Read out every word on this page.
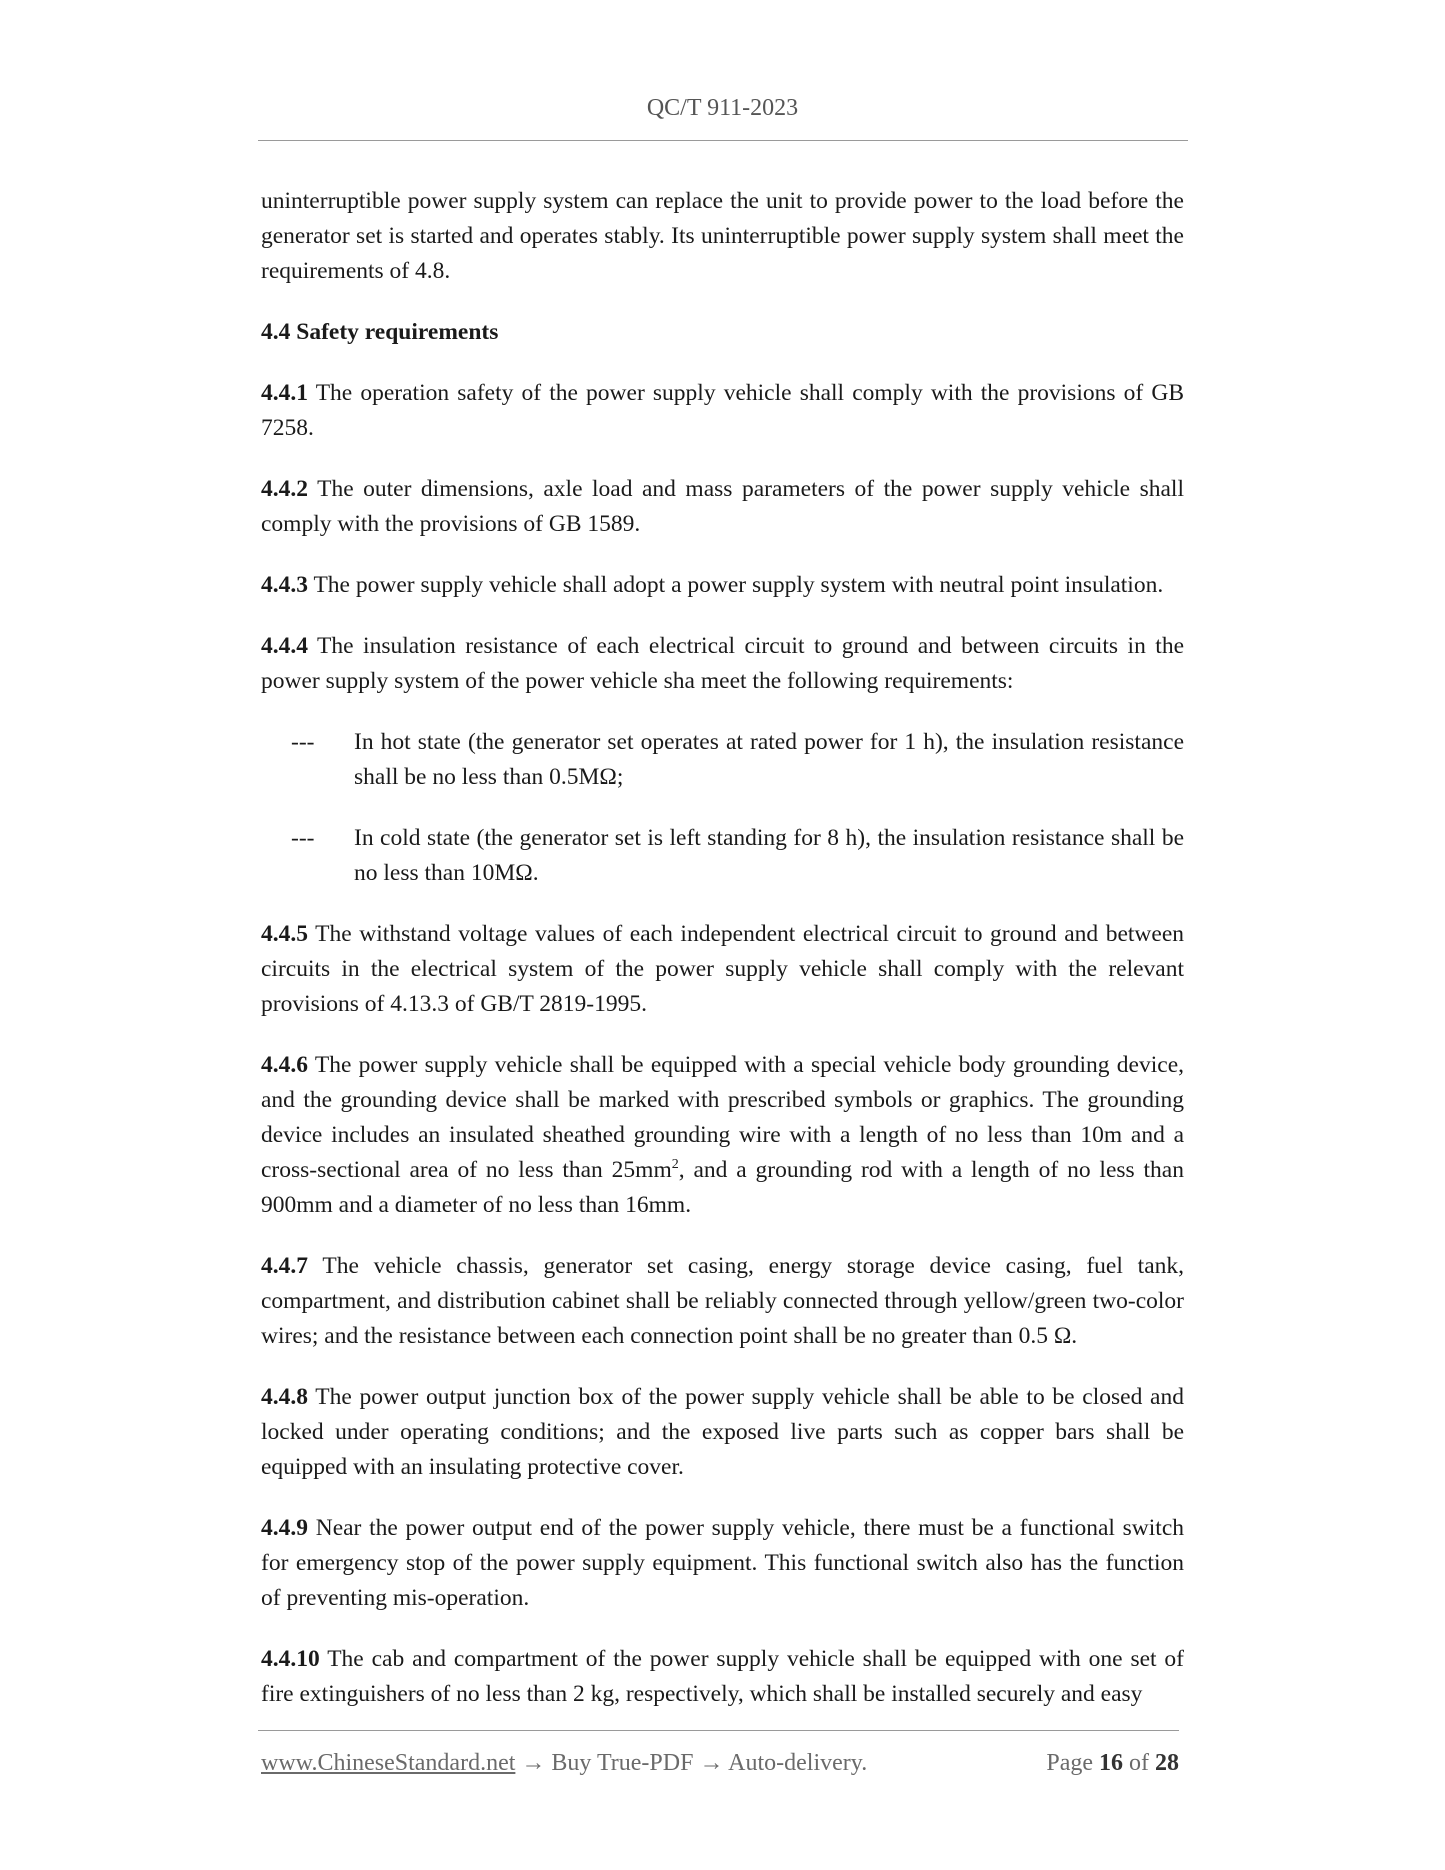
QC/T 911-2023

uninterruptible power supply system can replace the unit to provide power to the load before the generator set is started and operates stably. Its uninterruptible power supply system shall meet the requirements of 4.8.

4.4 Safety requirements

4.4.1 The operation safety of the power supply vehicle shall comply with the provisions of GB 7258.

4.4.2 The outer dimensions, axle load and mass parameters of the power supply vehicle shall comply with the provisions of GB 1589.

4.4.3 The power supply vehicle shall adopt a power supply system with neutral point insulation.

4.4.4 The insulation resistance of each electrical circuit to ground and between circuits in the power supply system of the power vehicle sha meet the following requirements:

--- In hot state (the generator set operates at rated power for 1 h), the insulation resistance shall be no less than 0.5MΩ;

--- In cold state (the generator set is left standing for 8 h), the insulation resistance shall be no less than 10MΩ.

4.4.5 The withstand voltage values of each independent electrical circuit to ground and between circuits in the electrical system of the power supply vehicle shall comply with the relevant provisions of 4.13.3 of GB/T 2819-1995.

4.4.6 The power supply vehicle shall be equipped with a special vehicle body grounding device, and the grounding device shall be marked with prescribed symbols or graphics. The grounding device includes an insulated sheathed grounding wire with a length of no less than 10m and a cross-sectional area of no less than $25mm^2$, and a grounding rod with a length of no less than 900mm and a diameter of no less than 16mm.

4.4.7 The vehicle chassis, generator set casing, energy storage device casing, fuel tank, compartment, and distribution cabinet shall be reliably connected through yellow/green two-color wires; and the resistance between each connection point shall be no greater than 0.5 Ω.

4.4.8 The power output junction box of the power supply vehicle shall be able to be closed and locked under operating conditions; and the exposed live parts such as copper bars shall be equipped with an insulating protective cover.

4.4.9 Near the power output end of the power supply vehicle, there must be a functional switch for emergency stop of the power supply equipment. This functional switch also has the function of preventing mis-operation.

4.4.10 The cab and compartment of the power supply vehicle shall be equipped with one set of fire extinguishers of no less than 2 kg, respectively, which shall be installed securely and easy

www.ChineseStandard.net → Buy True-PDF → Auto-delivery.	Page 16 of 28
